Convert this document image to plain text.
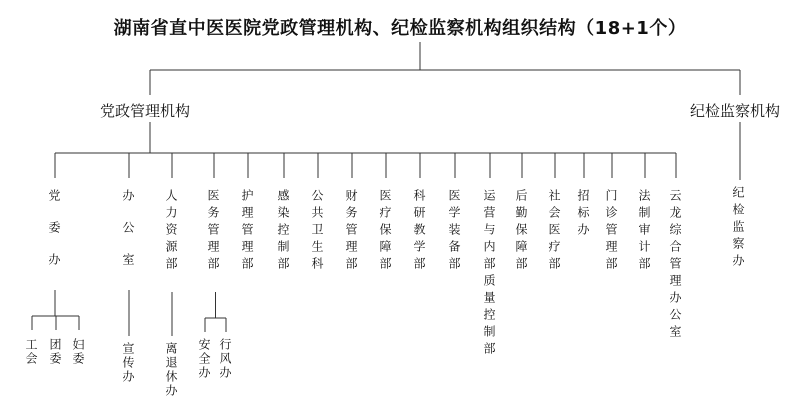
湖南省直中医医院党政管理机构、纪检监察机构组织结构（18+1个）
党政管理机构	纪检监察机构
党委办
工会 团委 妇委
办公室
宣传办
人力资源部
离退休办
医务管理部
安全办 行风办
护理管理部 感染控制部 公共卫生科 财务管理部 医疗保障部 科研教学部 医学装备部 运营与内部质量控制部 后勤保障部 社会医疗部 招标办 门诊管理部 法制审计部 云龙综合管理办公室	纪检监察办
